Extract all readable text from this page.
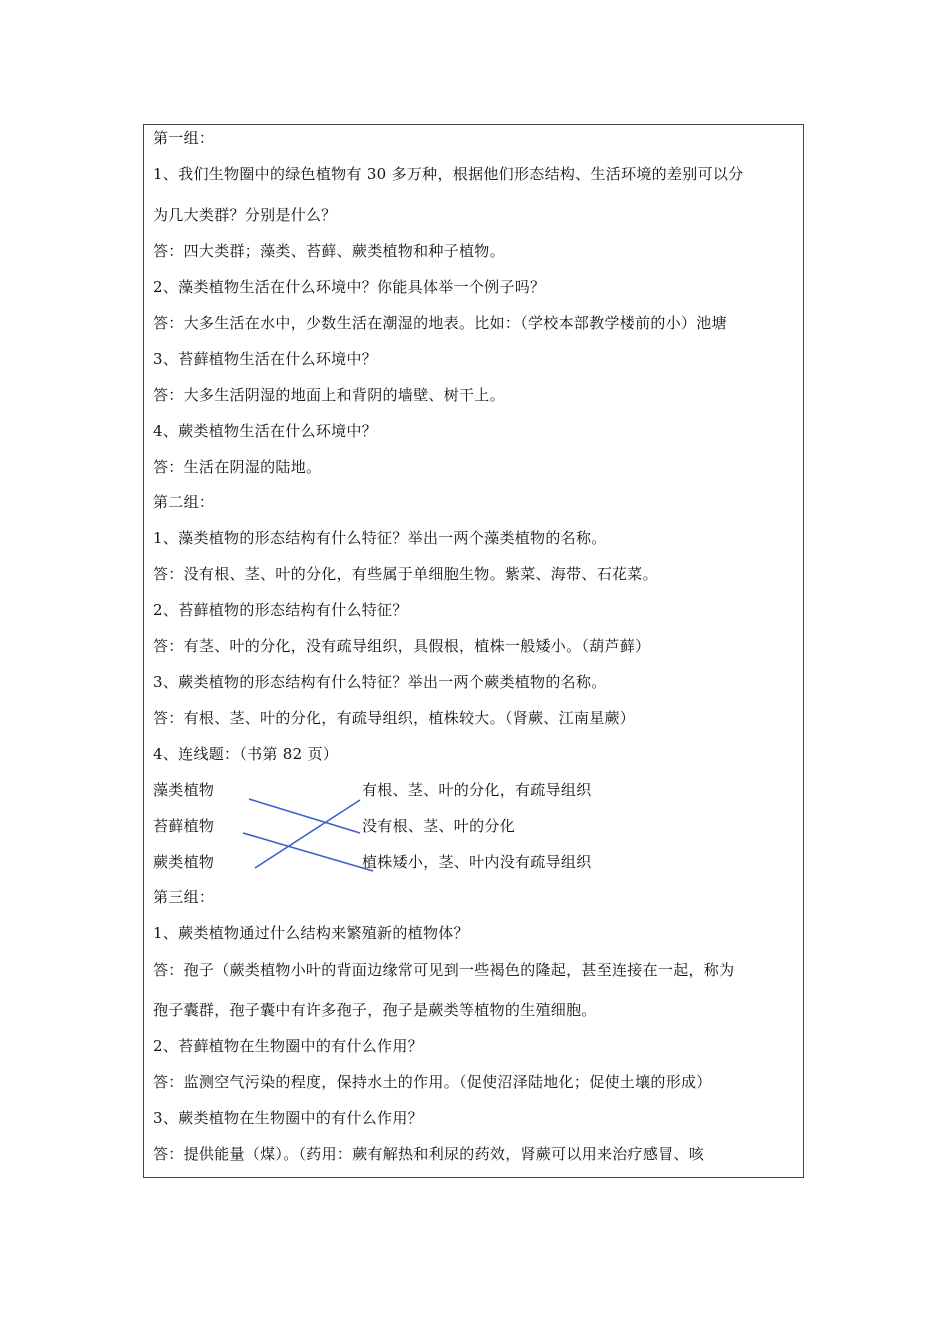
第一组：
1、我们生物圈中的绿色植物有 30 多万种，根据他们形态结构、生活环境的差别可以分
为几大类群？分别是什么？
答：四大类群；藻类、苔藓、蕨类植物和种子植物。
2、藻类植物生活在什么环境中？你能具体举一个例子吗？
答：大多生活在水中，少数生活在潮湿的地表。比如：（学校本部教学楼前的小）池塘
3、苔藓植物生活在什么环境中？
答：大多生活阴湿的地面上和背阴的墙壁、树干上。
4、蕨类植物生活在什么环境中？
答：生活在阴湿的陆地。
第二组：
1、藻类植物的形态结构有什么特征？举出一两个藻类植物的名称。
答：没有根、茎、叶的分化，有些属于单细胞生物。紫菜、海带、石花菜。
2、苔藓植物的形态结构有什么特征？
答：有茎、叶的分化，没有疏导组织，具假根，植株一般矮小。（葫芦藓）
3、蕨类植物的形态结构有什么特征？举出一两个蕨类植物的名称。
答：有根、茎、叶的分化，有疏导组织，植株较大。（肾蕨、江南星蕨）
4、连线题：（书第 82 页）
藻类植物
苔藓植物
蕨类植物
有根、茎、叶的分化，有疏导组织
没有根、茎、叶的分化
植株矮小，茎、叶内没有疏导组织
第三组：
1、蕨类植物通过什么结构来繁殖新的植物体？
答：孢子（蕨类植物小叶的背面边缘常可见到一些褐色的隆起，甚至连接在一起，称为
孢子囊群，孢子囊中有许多孢子，孢子是蕨类等植物的生殖细胞。
2、苔藓植物在生物圈中的有什么作用？
答：监测空气污染的程度，保持水土的作用。（促使沼泽陆地化；促使土壤的形成）
3、蕨类植物在生物圈中的有什么作用？
答：提供能量（煤）。（药用：蕨有解热和利尿的药效，肾蕨可以用来治疗感冒、咳
